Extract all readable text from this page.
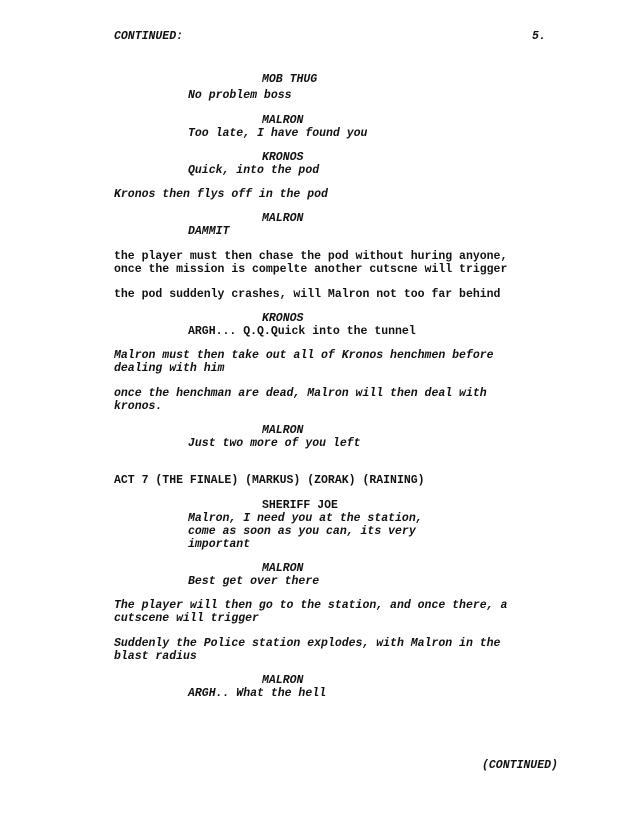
CONTINUED:	5.
MOB THUG
No problem boss
MALRON
Too late, I have found you
KRONOS
Quick, into the pod
Kronos then flys off in the pod
MALRON
DAMMIT
the player must then chase the pod without huring anyone,
once the mission is compelte another cutscne will trigger
the pod suddenly crashes, will Malron not too far behind
KRONOS
ARGH... Q.Q.Quick into the tunnel
Malron must then take out all of Kronos henchmen before
dealing with him
once the henchman are dead, Malron will then deal with
kronos.
MALRON
Just two more of you left
ACT 7 (THE FINALE) (MARKUS) (ZORAK) (RAINING)
SHERIFF JOE
Malron, I need you at the station,
come as soon as you can, its very
important
MALRON
Best get over there
The player will then go to the station, and once there, a
cutscene will trigger
Suddenly the Police station explodes, with Malron in the
blast radius
MALRON
ARGH.. What the hell
(CONTINUED)
